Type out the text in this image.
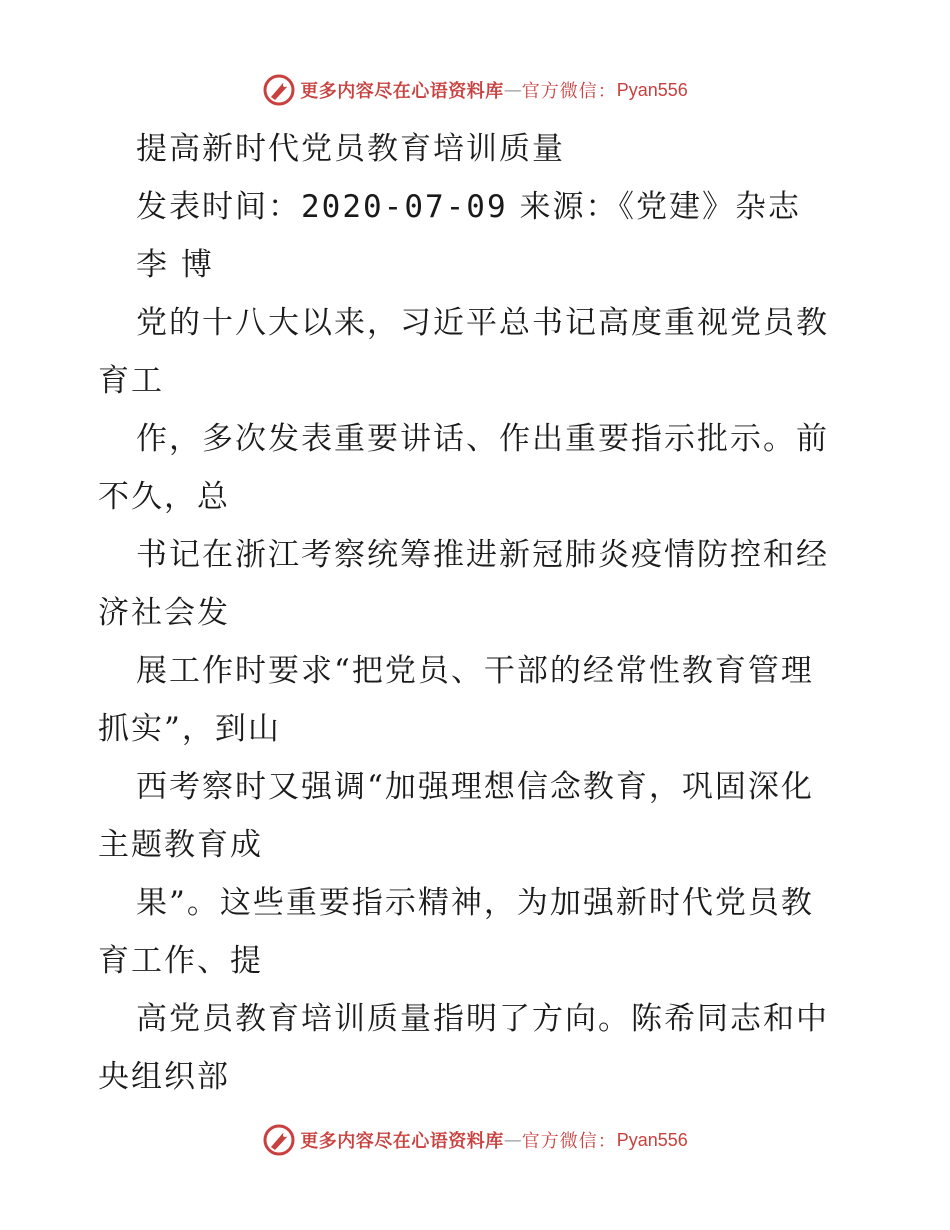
更多内容尽在心语资料库 — 官方微信： Pyan556
提高新时代党员教育培训质量
发表时间：2020-07-09 来源：《党建》杂志
李 博
党的十八大以来，习近平总书记高度重视党员教
育工
作，多次发表重要讲话、作出重要指示批示。前
不久，总
书记在浙江考察统筹推进新冠肺炎疫情防控和经
济社会发
展工作时要求“把党员、干部的经常性教育管理
抓实”，到山
西考察时又强调“加强理想信念教育，巩固深化
主题教育成
果”。这些重要指示精神，为加强新时代党员教
育工作、提
高党员教育培训质量指明了方向。陈希同志和中
央组织部
更多内容尽在心语资料库 — 官方微信： Pyan556
